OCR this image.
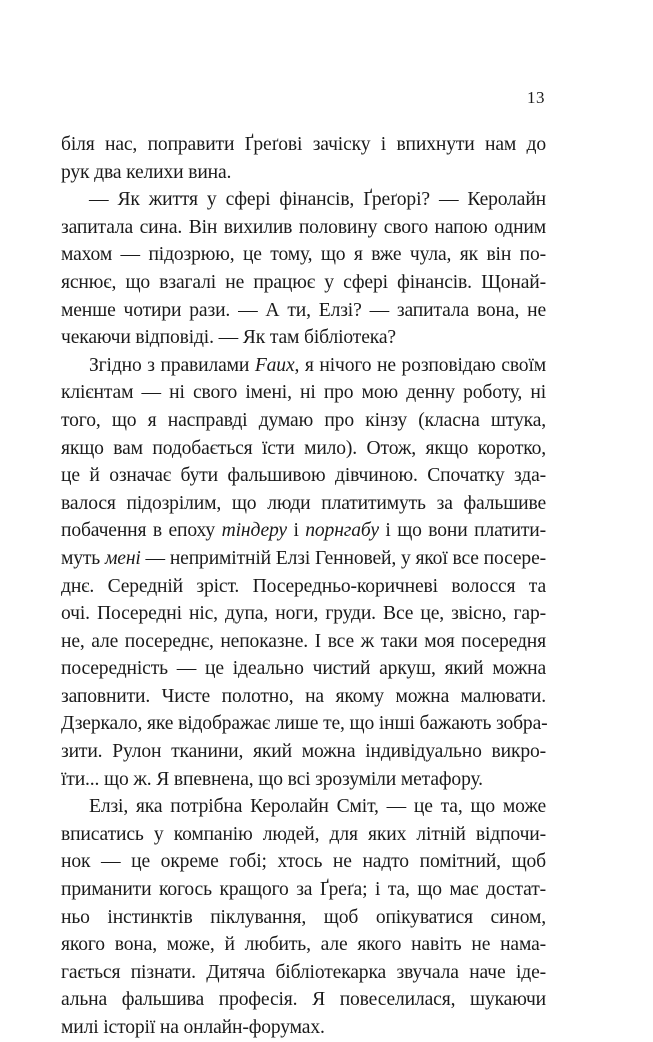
13
біля нас, поправити Ґреґові зачіску і впихнути нам до
рук два келихи вина.
— Як життя у сфері фінансів, Ґреґорі? — Керолайн
запитала сина. Він вихилив половину свого напою одним
махом — підозрюю, це тому, що я вже чула, як він по-
яснює, що взагалі не працює у сфері фінансів. Щонай-
менше чотири рази. — А ти, Елзі? — запитала вона, не
чекаючи відповіді. — Як там бібліотека?
Згідно з правилами Faux, я нічого не розповідаю своїм
клієнтам — ні свого імені, ні про мою денну роботу, ні
того, що я насправді думаю про кінзу (класна штука,
якщо вам подобається їсти мило). Отож, якщо коротко,
це й означає бути фальшивою дівчиною. Спочатку зда-
валося підозрілим, що люди платитимуть за фальшиве
побачення в епоху тіндеру і порнгабу і що вони платити-
муть мені — непримітній Елзі Генновей, у якої все посере-
днє. Середній зріст. Посередньо-коричневі волосся та
очі. Посередні ніс, дупа, ноги, груди. Все це, звісно, гар-
не, але посереднє, непоказне. І все ж таки моя посередня
посередність — це ідеально чистий аркуш, який можна
заповнити. Чисте полотно, на якому можна малювати.
Дзеркало, яке відображає лише те, що інші бажають зобра-
зити. Рулон тканини, який можна індивідуально викро-
їти... що ж. Я впевнена, що всі зрозуміли метафору.
Елзі, яка потрібна Керолайн Сміт, — це та, що може
вписатись у компанію людей, для яких літній відпочи-
нок — це окреме гобі; хтось не надто помітний, щоб
приманити когось кращого за Ґреґа; і та, що має достат-
ньо інстинктів піклування, щоб опікуватися сином,
якого вона, може, й любить, але якого навіть не нама-
гається пізнати. Дитяча бібліотекарка звучала наче іде-
альна фальшива професія. Я повеселилася, шукаючи
милі історії на онлайн-форумах.
